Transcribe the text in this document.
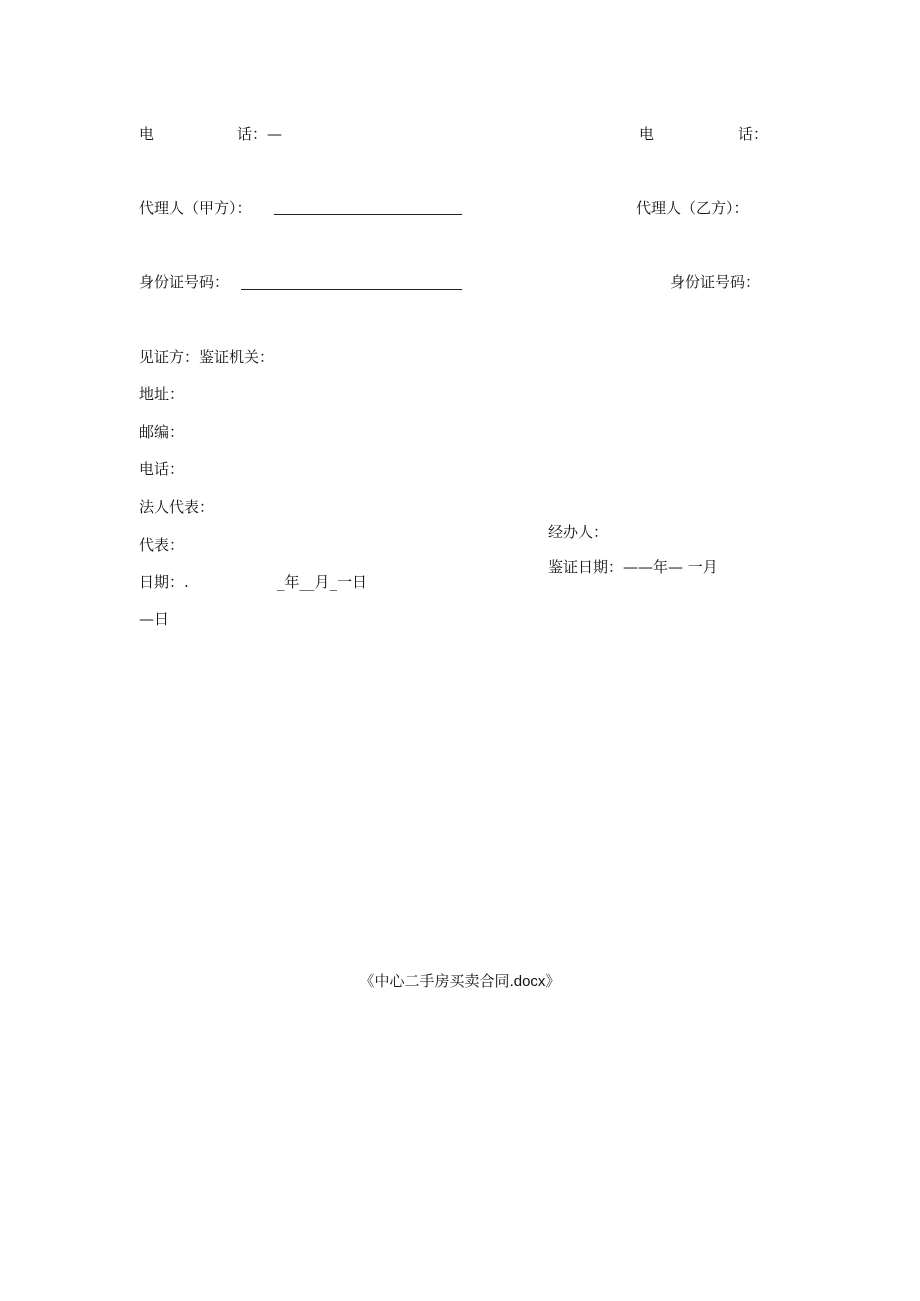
电	话：—	电	话：
代理人（甲方）：	代理人（乙方）：
身份证号码：	身份证号码：
见证方：鉴证机关：
地址：
邮编：
电话：
法人代表：
代表：
日期：.	_年__月_一日
—日
经办人：
鉴证日期：——年— 一月
《中心二手房买卖合同.docx》
